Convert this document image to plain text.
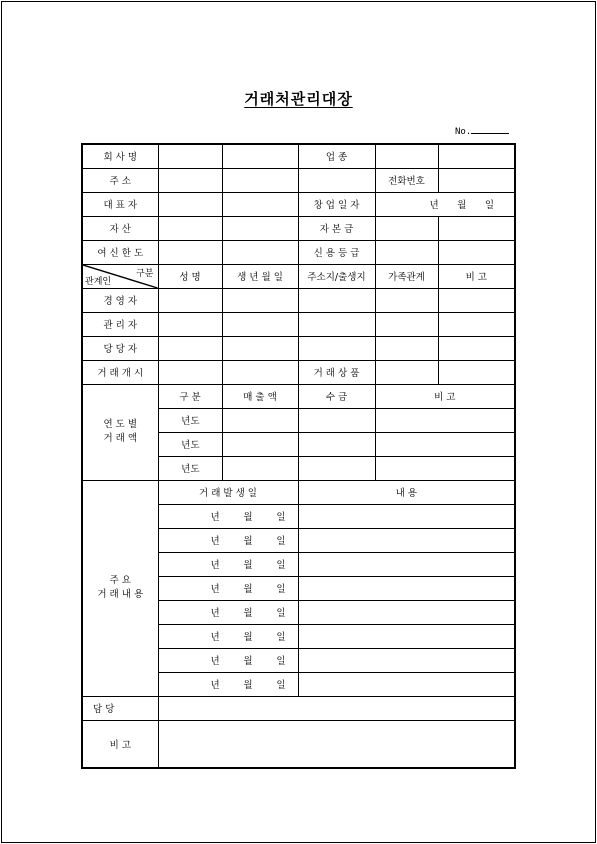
거래처관리대장
No.
회 사 명			업 종		
주 소				전화번호	
대 표 자			창 업 일 자	년 월 일	

자 산			자 본 금		
여 신 한 도			신 용 등 급		

구분
관계인	성 명	생 년 월 일	주소지/출생지	가족관계	비 고
경 영 자					
관 리 자					
당 당 자					
거 래 개 시			거 래 상 품		

연 도 별
거 래 액	구 분	매 출 액	수 금	비 고	
	년도				
	년도				
	년도				

주 요
거 래 내 용	거 래 발 생 일		내 용		

	년 월 일				

	년 월 일				

	년 월 일				

	년 월 일				

	년 월 일				

	년 월 일				

	년 월 일				

	년 월 일				

담 당					

비 고					
